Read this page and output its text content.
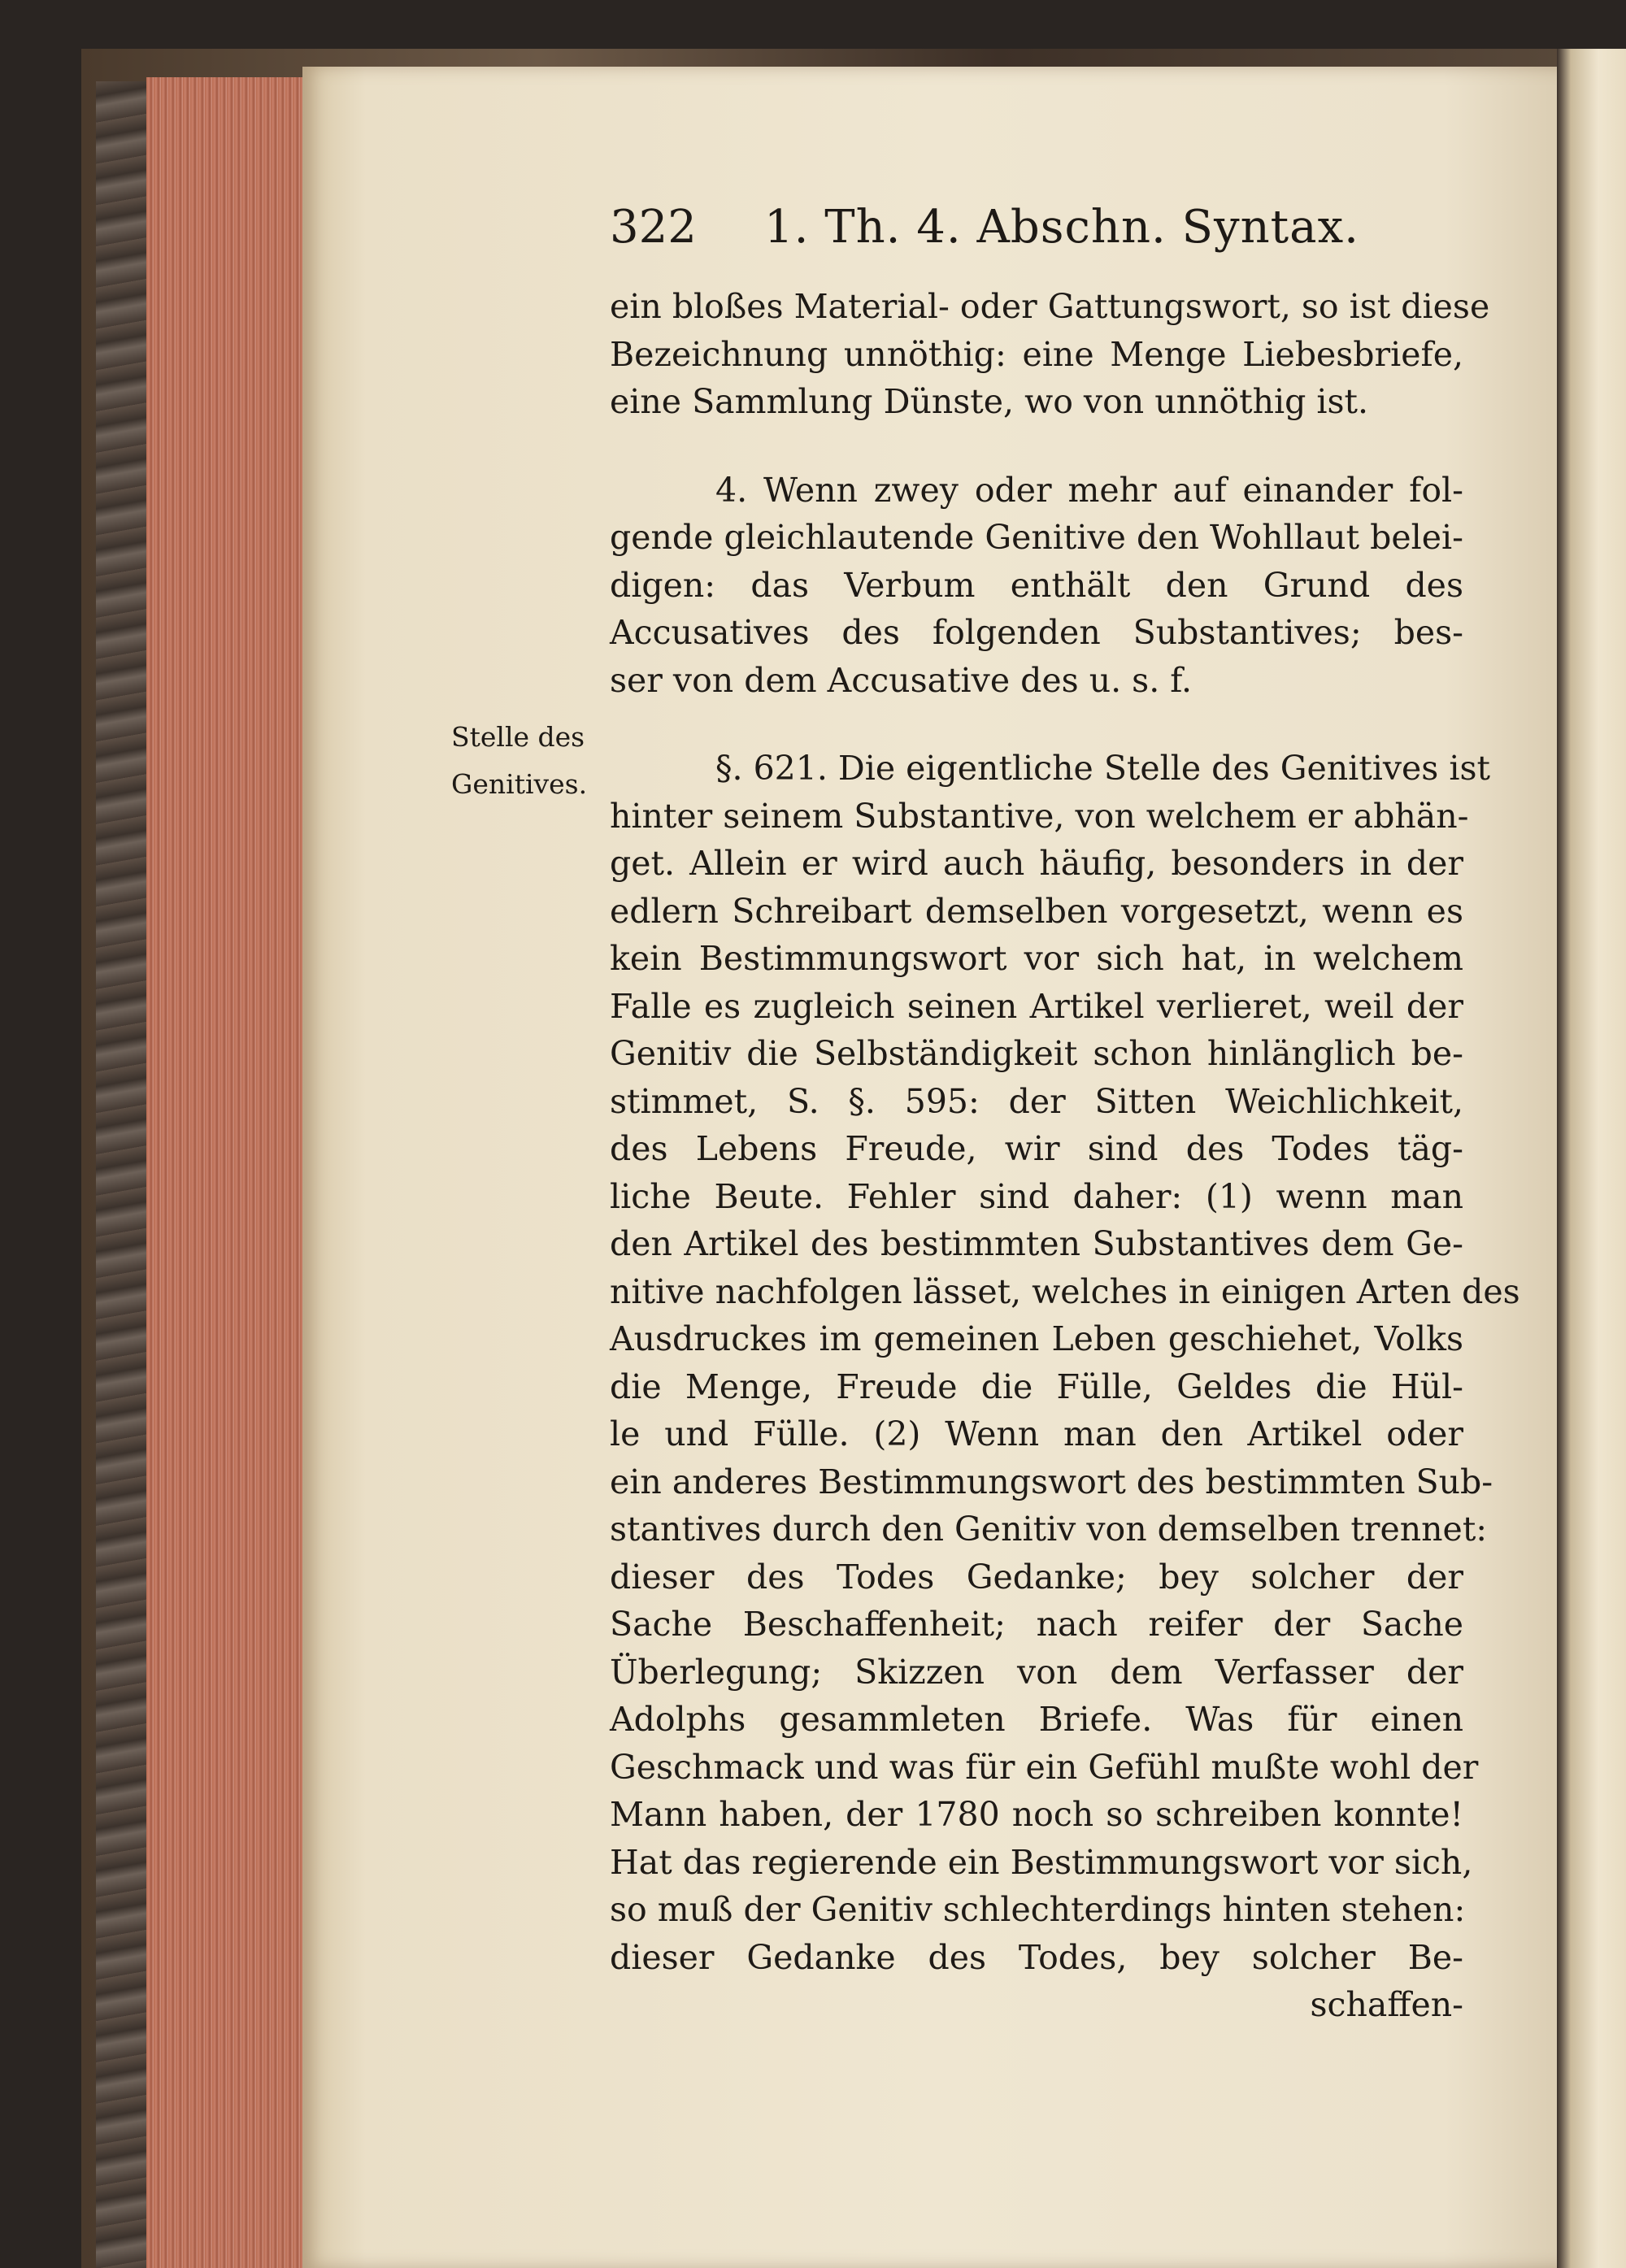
Stelle des
Genitives.
322	1. Th. 4. Abschn. Syntax.
ein bloßes Material- oder Gattungswort, so ist diese
Bezeichnung unnöthig: eine Menge Liebesbriefe,
eine Sammlung Dünste, wo von unnöthig ist.
4. Wenn zwey oder mehr auf einander fol-
gende gleichlautende Genitive den Wohllaut belei-
digen: das Verbum enthält den Grund des
Accusatives des folgenden Substantives; bes-
ser von dem Accusative des u. s. f.
§. 621. Die eigentliche Stelle des Genitives ist
hinter seinem Substantive, von welchem er abhän-
get. Allein er wird auch häufig, besonders in der
edlern Schreibart demselben vorgesetzt, wenn es
kein Bestimmungswort vor sich hat, in welchem
Falle es zugleich seinen Artikel verlieret, weil der
Genitiv die Selbständigkeit schon hinlänglich be-
stimmet, S. §. 595: der Sitten Weichlichkeit,
des Lebens Freude, wir sind des Todes täg-
liche Beute. Fehler sind daher: (1) wenn man
den Artikel des bestimmten Substantives dem Ge-
nitive nachfolgen lässet, welches in einigen Arten des
Ausdruckes im gemeinen Leben geschiehet, Volks
die Menge, Freude die Fülle, Geldes die Hül-
le und Fülle. (2) Wenn man den Artikel oder
ein anderes Bestimmungswort des bestimmten Sub-
stantives durch den Genitiv von demselben trennet:
dieser des Todes Gedanke; bey solcher der
Sache Beschaffenheit; nach reifer der Sache
Überlegung; Skizzen von dem Verfasser der
Adolphs gesammleten Briefe. Was für einen
Geschmack und was für ein Gefühl mußte wohl der
Mann haben, der 1780 noch so schreiben konnte!
Hat das regierende ein Bestimmungswort vor sich,
so muß der Genitiv schlechterdings hinten stehen:
dieser Gedanke des Todes, bey solcher Be-
schaffen-
